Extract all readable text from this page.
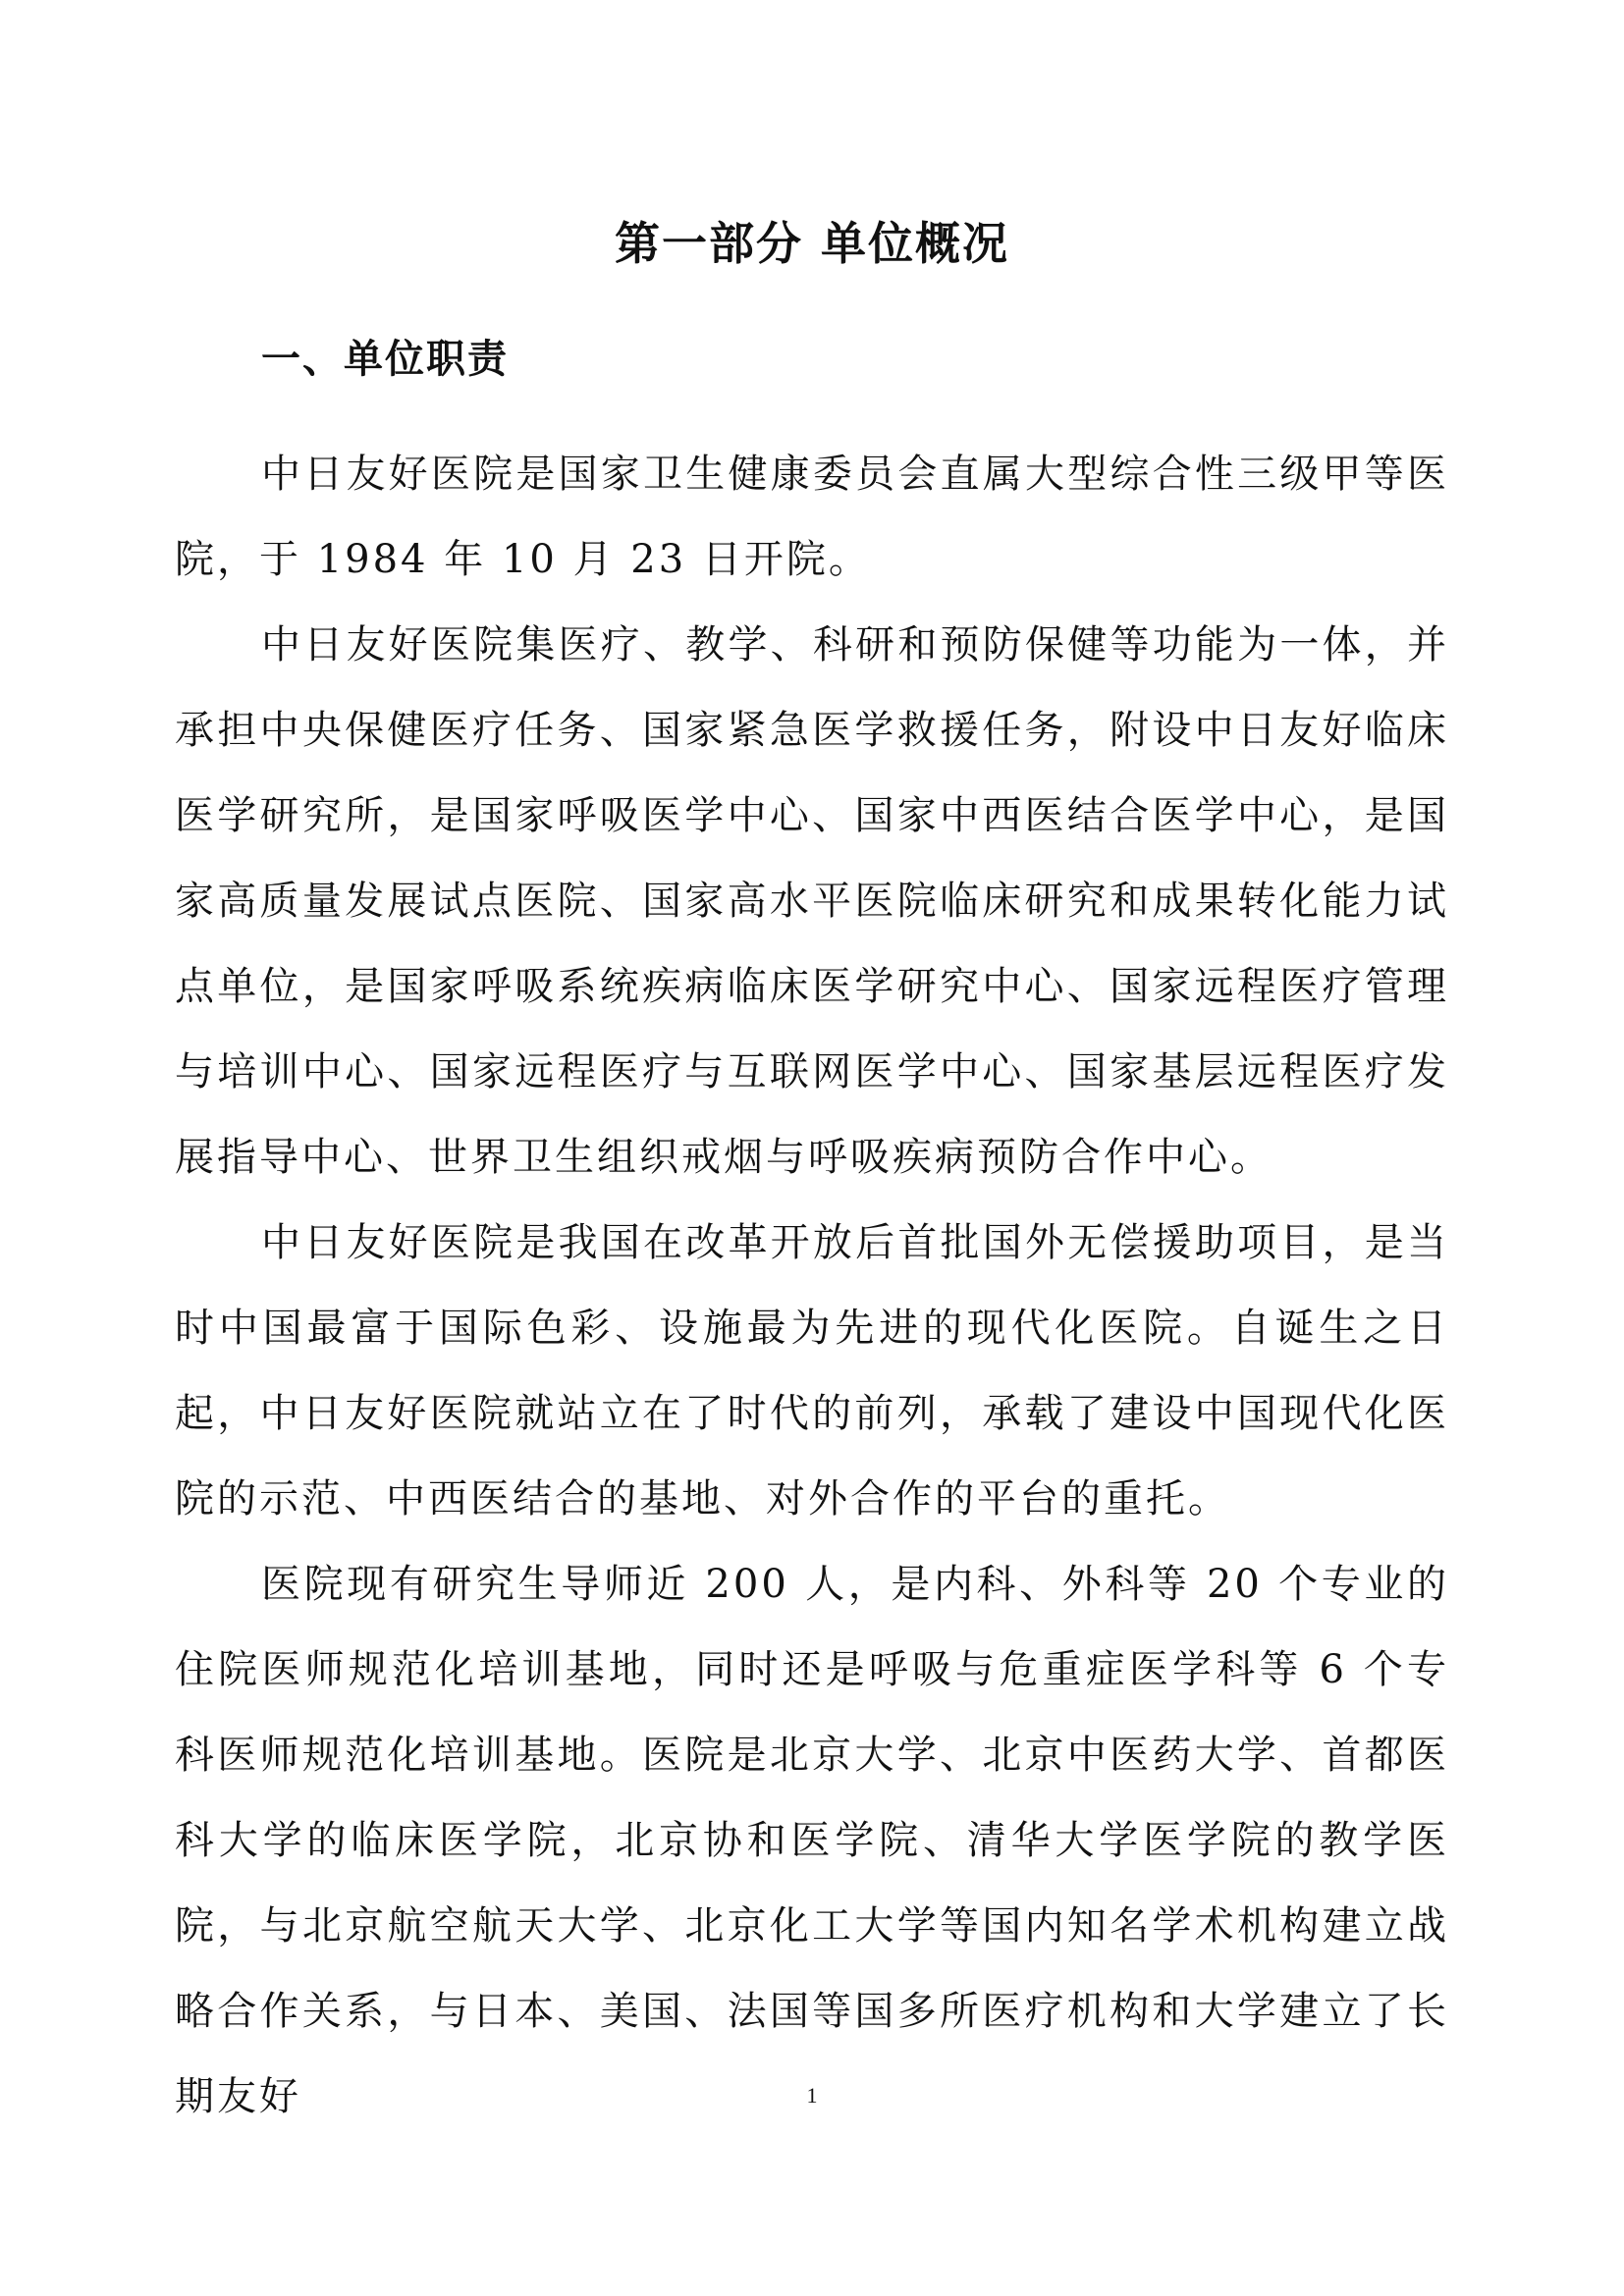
第一部分 单位概况
一、单位职责

中日友好医院是国家卫生健康委员会直属大型综合性三级甲等医院，于 1984 年 10 月 23 日开院。

中日友好医院集医疗、教学、科研和预防保健等功能为一体，并承担中央保健医疗任务、国家紧急医学救援任务，附设中日友好临床医学研究所，是国家呼吸医学中心、国家中西医结合医学中心，是国家高质量发展试点医院、国家高水平医院临床研究和成果转化能力试点单位，是国家呼吸系统疾病临床医学研究中心、国家远程医疗管理与培训中心、国家远程医疗与互联网医学中心、国家基层远程医疗发展指导中心、世界卫生组织戒烟与呼吸疾病预防合作中心。

中日友好医院是我国在改革开放后首批国外无偿援助项目，是当时中国最富于国际色彩、设施最为先进的现代化医院。自诞生之日起，中日友好医院就站立在了时代的前列，承载了建设中国现代化医院的示范、中西医结合的基地、对外合作的平台的重托。

医院现有研究生导师近 200 人，是内科、外科等 20 个专业的住院医师规范化培训基地，同时还是呼吸与危重症医学科等 6 个专科医师规范化培训基地。医院是北京大学、北京中医药大学、首都医科大学的临床医学院，北京协和医学院、清华大学医学院的教学医院，与北京航空航天大学、北京化工大学等国内知名学术机构建立战略合作关系，与日本、美国、法国等国多所医疗机构和大学建立了长期友好	1
